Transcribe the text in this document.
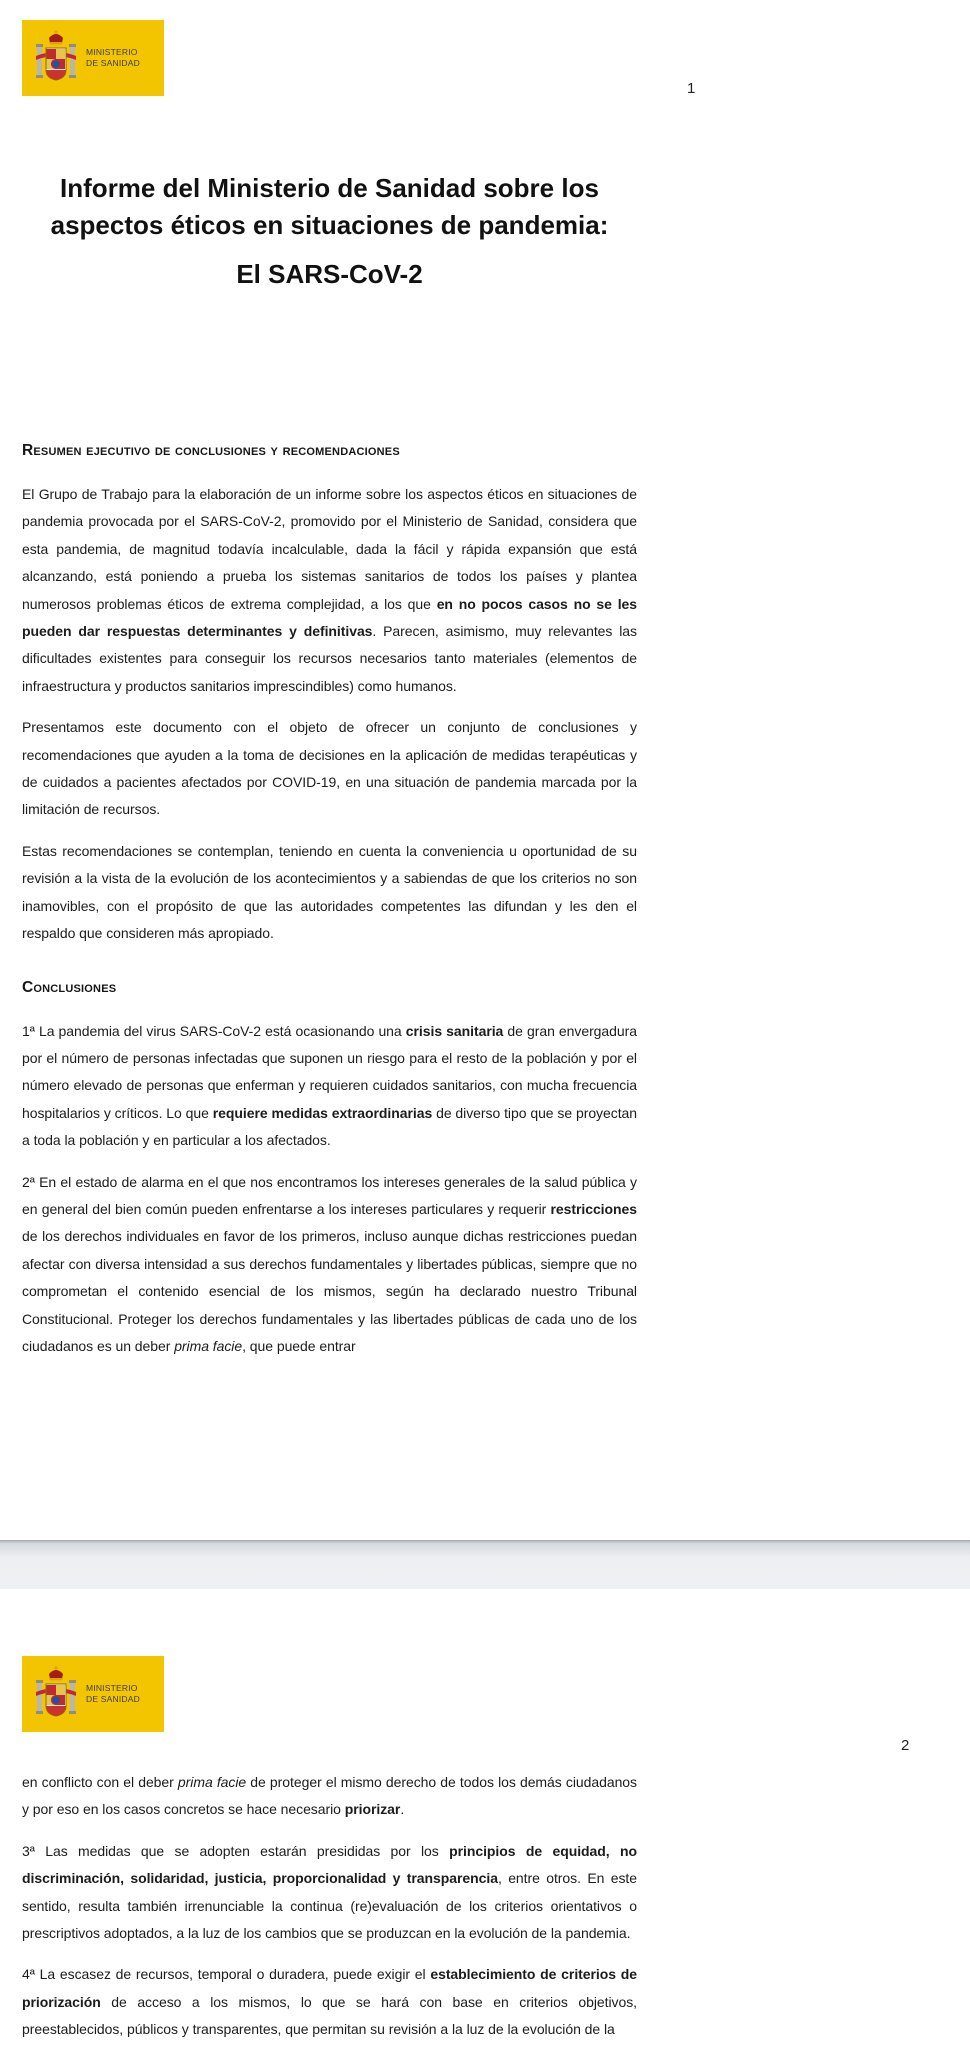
MINISTERIO
DE SANIDAD
1
Informe del Ministerio de Sanidad sobre los
aspectos éticos en situaciones de pandemia:
El SARS-CoV-2
Resumen ejecutivo de conclusiones y recomendaciones

El Grupo de Trabajo para la elaboración de un informe sobre los aspectos éticos en situaciones de pandemia provocada por el SARS-CoV-2, promovido por el Ministerio de Sanidad, considera que esta pandemia, de magnitud todavía incalculable, dada la fácil y rápida expansión que está alcanzando, está poniendo a prueba los sistemas sanitarios de todos los países y plantea numerosos problemas éticos de extrema complejidad, a los que en no pocos casos no se les pueden dar respuestas determinantes y definitivas. Parecen, asimismo, muy relevantes las dificultades existentes para conseguir los recursos necesarios tanto materiales (elementos de infraestructura y productos sanitarios imprescindibles) como humanos.

Presentamos este documento con el objeto de ofrecer un conjunto de conclusiones y recomendaciones que ayuden a la toma de decisiones en la aplicación de medidas terapéuticas y de cuidados a pacientes afectados por COVID-19, en una situación de pandemia marcada por la limitación de recursos.

Estas recomendaciones se contemplan, teniendo en cuenta la conveniencia u oportunidad de su revisión a la vista de la evolución de los acontecimientos y a sabiendas de que los criterios no son inamovibles, con el propósito de que las autoridades competentes las difundan y les den el respaldo que consideren más apropiado.

Conclusiones

1ª La pandemia del virus SARS-CoV-2 está ocasionando una crisis sanitaria de gran envergadura por el número de personas infectadas que suponen un riesgo para el resto de la población y por el número elevado de personas que enferman y requieren cuidados sanitarios, con mucha frecuencia hospitalarios y críticos. Lo que requiere medidas extraordinarias de diverso tipo que se proyectan a toda la población y en particular a los afectados.

2ª En el estado de alarma en el que nos encontramos los intereses generales de la salud pública y en general del bien común pueden enfrentarse a los intereses particulares y requerir restricciones de los derechos individuales en favor de los primeros, incluso aunque dichas restricciones puedan afectar con diversa intensidad a sus derechos fundamentales y libertades públicas, siempre que no comprometan el contenido esencial de los mismos, según ha declarado nuestro Tribunal Constitucional. Proteger los derechos fundamentales y las libertades públicas de cada uno de los ciudadanos es un deber prima facie, que puede entrar

MINISTERIO
DE SANIDAD
2

en conflicto con el deber prima facie de proteger el mismo derecho de todos los demás ciudadanos y por eso en los casos concretos se hace necesario priorizar.

3ª Las medidas que se adopten estarán presididas por los principios de equidad, no discriminación, solidaridad, justicia, proporcionalidad y transparencia, entre otros. En este sentido, resulta también irrenunciable la continua (re)evaluación de los criterios orientativos o prescriptivos adoptados, a la luz de los cambios que se produzcan en la evolución de la pandemia.

4ª La escasez de recursos, temporal o duradera, puede exigir el establecimiento de criterios de priorización de acceso a los mismos, lo que se hará con base en criterios objetivos, preestablecidos, públicos y transparentes, que permitan su revisión a la luz de la evolución de la
